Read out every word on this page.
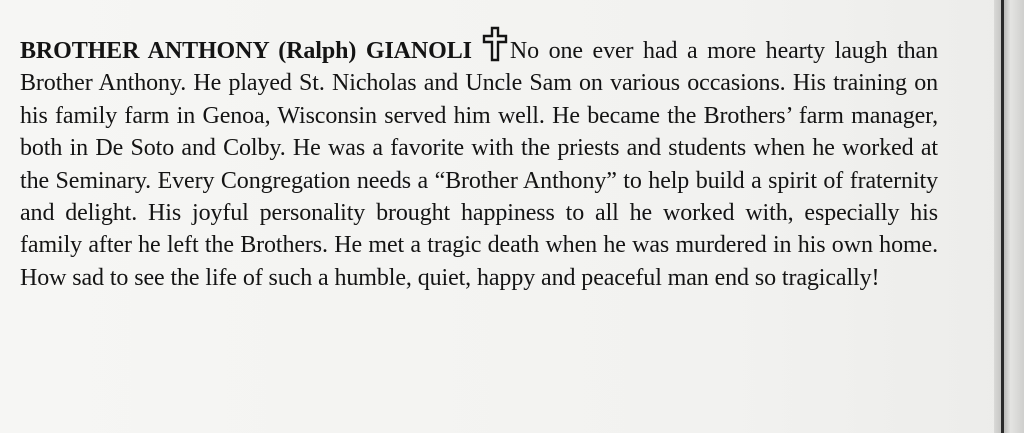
BROTHER ANTHONY (Ralph) GIANOLI No one ever had a more hearty laugh than Brother Anthony. He played St. Nicholas and Uncle Sam on various occasions. His training on his family farm in Genoa, Wisconsin served him well. He became the Brothers’ farm manager, both in De Soto and Colby. He was a favorite with the priests and students when he worked at the Seminary. Every Congregation needs a “Brother Anthony” to help build a spirit of fraternity and delight. His joyful personality brought happiness to all he worked with, especially his family after he left the Brothers. He met a tragic death when he was murdered in his own home. How sad to see the life of such a humble, quiet, happy and peaceful man end so tragically!
